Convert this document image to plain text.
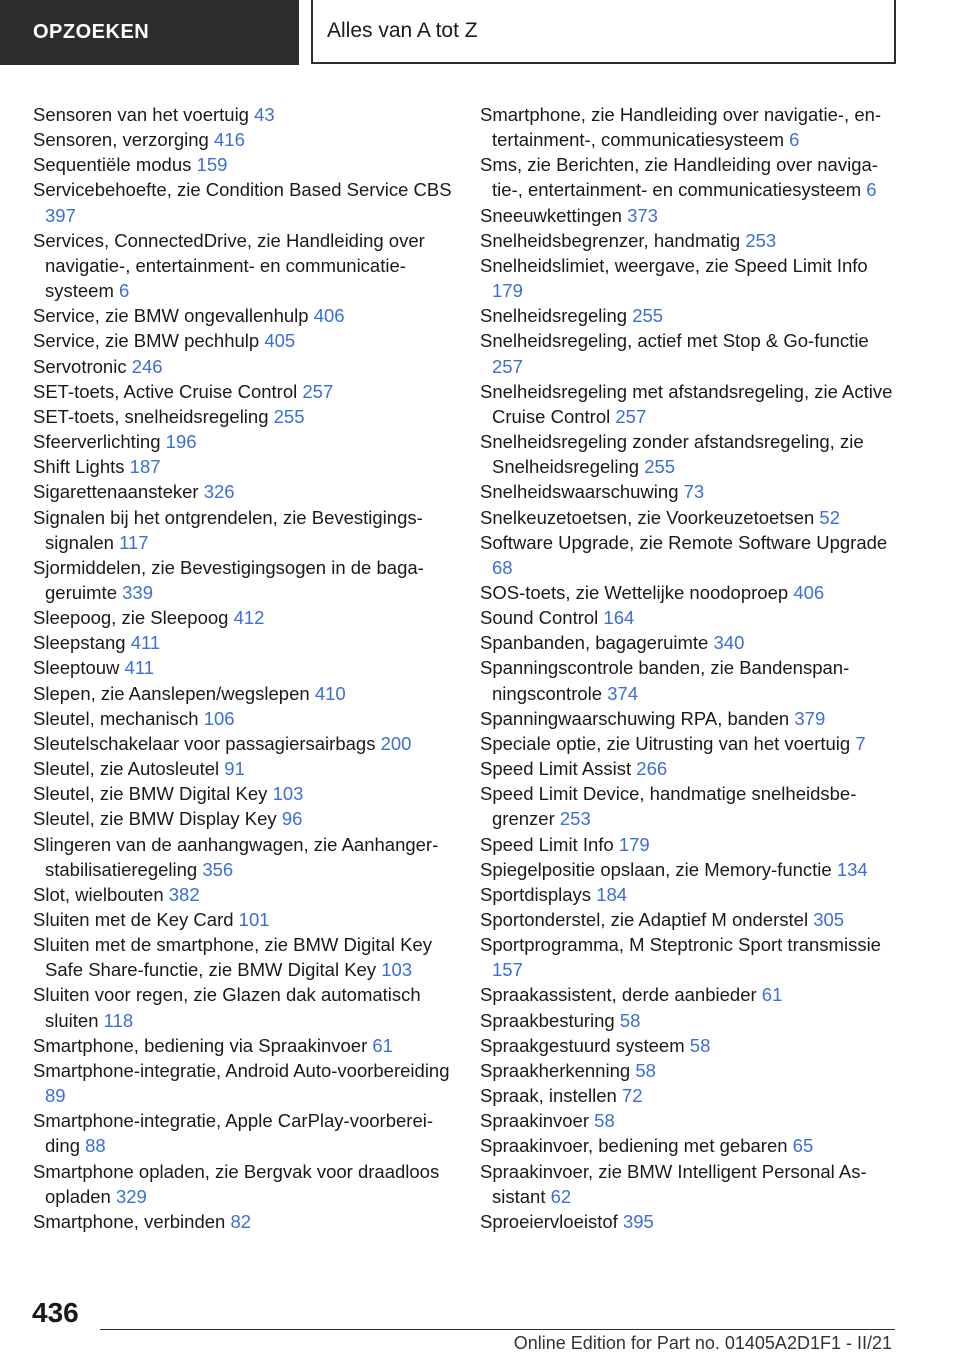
OPZOEKEN	Alles van A tot Z
Sensoren van het voertuig 43
Sensoren, verzorging 416
Sequentiële modus 159
Servicebehoefte, zie Condition Based Service CBS 397
Services, ConnectedDrive, zie Handleiding over navigatie-, entertainment- en communicatiesysteem 6
Service, zie BMW ongevallenhulp 406
Service, zie BMW pechhulp 405
Servotronic 246
SET-toets, Active Cruise Control 257
SET-toets, snelheidsregeling 255
Sfeerverlichting 196
Shift Lights 187
Sigarettenaansteker 326
Signalen bij het ontgrendelen, zie Bevestigingssignalen 117
Sjormiddelen, zie Bevestigingsogen in de bagageruimte 339
Sleepoog, zie Sleepoog 412
Sleepstang 411
Sleeptouw 411
Slepen, zie Aanslepen/wegslepen 410
Sleutel, mechanisch 106
Sleutelschakelaar voor passagiersairbags 200
Sleutel, zie Autosleutel 91
Sleutel, zie BMW Digital Key 103
Sleutel, zie BMW Display Key 96
Slingeren van de aanhangwagen, zie Aanhangerstabilisatieregeling 356
Slot, wielbouten 382
Sluiten met de Key Card 101
Sluiten met de smartphone, zie BMW Digital Key Safe Share-functie, zie BMW Digital Key 103
Sluiten voor regen, zie Glazen dak automatisch sluiten 118
Smartphone, bediening via Spraakinvoer 61
Smartphone-integratie, Android Auto-voorbereiding 89
Smartphone-integratie, Apple CarPlay-voorbereiding 88
Smartphone opladen, zie Bergvak voor draadloos opladen 329
Smartphone, verbinden 82
Smartphone, zie Handleiding over navigatie-, entertainment-, communicatiesysteem 6
Sms, zie Berichten, zie Handleiding over navigatie-, entertainment- en communicatiesysteem 6
Sneeuwkettingen 373
Snelheidsbegrenzer, handmatig 253
Snelheidslimiet, weergave, zie Speed Limit Info 179
Snelheidsregeling 255
Snelheidsregeling, actief met Stop & Go-functie 257
Snelheidsregeling met afstandsregeling, zie Active Cruise Control 257
Snelheidsregeling zonder afstandsregeling, zie Snelheidsregeling 255
Snelheidswaarschuwing 73
Snelkeuzetoetsen, zie Voorkeuzetoetsen 52
Software Upgrade, zie Remote Software Upgrade 68
SOS-toets, zie Wettelijke noodoproep 406
Sound Control 164
Spanbanden, bagageruimte 340
Spanningscontrole banden, zie Bandenspanningscontrole 374
Spanningwaarschuwing RPA, banden 379
Speciale optie, zie Uitrusting van het voertuig 7
Speed Limit Assist 266
Speed Limit Device, handmatige snelheidsbegrenzer 253
Speed Limit Info 179
Spiegelpositie opslaan, zie Memory-functie 134
Sportdisplays 184
Sportonderstel, zie Adaptief M onderstel 305
Sportprogramma, M Steptronic Sport transmissie 157
Spraakassistent, derde aanbieder 61
Spraakbesturing 58
Spraakgestuurd systeem 58
Spraakherkenning 58
Spraak, instellen 72
Spraakinvoer 58
Spraakinvoer, bediening met gebaren 65
Spraakinvoer, zie BMW Intelligent Personal Assistant 62
Sproeiervloeistof 395
436
Online Edition for Part no. 01405A2D1F1 - II/21
